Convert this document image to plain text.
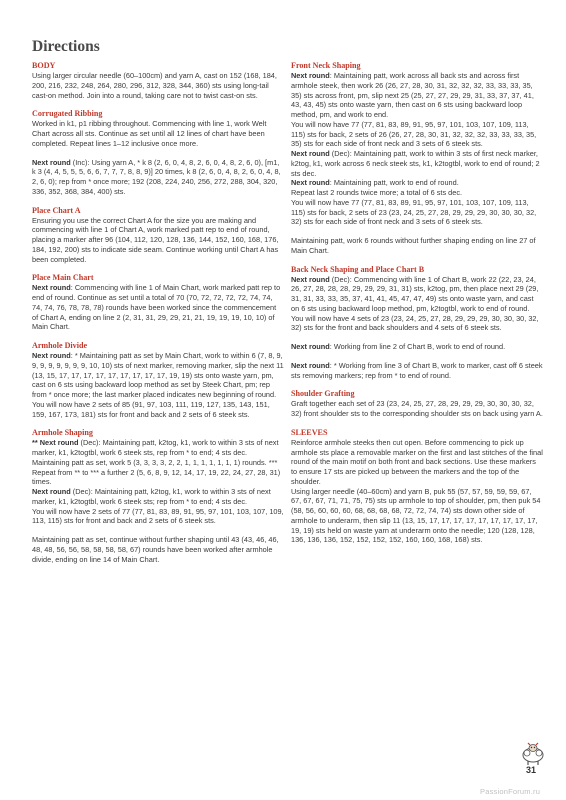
Directions
BODY

Using larger circular needle (60–100cm) and yarn A, cast on 152 (168, 184, 200, 216, 232, 248, 264, 280, 296, 312, 328, 344, 360) sts using long-tail cast-on method. Join into a round, taking care not to twist cast-on sts.

Corrugated Ribbing

Worked in k1, p1 ribbing throughout. Commencing with line 1, work Welt Chart across all sts. Continue as set until all 12 lines of chart have been completed. Repeat lines 1–12 inclusive once more.

Next round (Inc): Using yarn A, * k 8 (2, 6, 0, 4, 8, 2, 6, 0, 4, 8, 2, 6, 0), [m1, k 3 (4, 4, 5, 5, 5, 6, 6, 7, 7, 7, 8, 8, 9)] 20 times, k 8 (2, 6, 0, 4, 8, 2, 6, 0, 4, 8, 2, 6, 0); rep from * once more; 192 (208, 224, 240, 256, 272, 288, 304, 320, 336, 352, 368, 384, 400) sts.

Place Chart A

Ensuring you use the correct Chart A for the size you are making and commencing with line 1 of Chart A, work marked patt rep to end of round, placing a marker after 96 (104, 112, 120, 128, 136, 144, 152, 160, 168, 176, 184, 192, 200) sts to indicate side seam. Continue working until Chart A has been completed.

Place Main Chart

Next round: Commencing with line 1 of Main Chart, work marked patt rep to end of round. Continue as set until a total of 70 (70, 72, 72, 72, 72, 74, 74, 74, 74, 76, 78, 78, 78) rounds have been worked since the commencement of Chart A, ending on line 2 (2, 31, 31, 29, 29, 21, 21, 19, 19, 19, 10, 10) of Main Chart.

Armhole Divide

Next round: * Maintaining patt as set by Main Chart, work to within 6 (7, 8, 9, 9, 9, 9, 9, 9, 9, 9, 10, 10) sts of next marker, removing marker, slip the next 11 (13, 15, 17, 17, 17, 17, 17, 17, 17, 17, 17, 19, 19) sts onto waste yarn, pm, cast on 6 sts using backward loop method as set by Steek Chart, pm; rep from * once more; the last marker placed indicates new beginning of round.

You will now have 2 sets of 85 (91, 97, 103, 111, 119, 127, 135, 143, 151, 159, 167, 173, 181) sts for front and back and 2 sets of 6 steek sts.

Armhole Shaping

** Next round (Dec): Maintaining patt, k2tog, k1, work to within 3 sts of next marker, k1, k2togtbl, work 6 steek sts, rep from * to end; 4 sts dec.

Maintaining patt as set, work 5 (3, 3, 3, 3, 2, 2, 1, 1, 1, 1, 1, 1, 1) rounds. ***

Repeat from ** to *** a further 2 (5, 6, 8, 9, 12, 14, 17, 19, 22, 24, 27, 28, 31) times.

Next round (Dec): Maintaining patt, k2tog, k1, work to within 3 sts of next marker, k1, k2togtbl, work 6 steek sts; rep from * to end; 4 sts dec.

You will now have 2 sets of 77 (77, 81, 83, 89, 91, 95, 97, 101, 103, 107, 109, 113, 115) sts for front and back and 2 sets of 6 steek sts.

Maintaining patt as set, continue without further shaping until 43 (43, 46, 46, 48, 48, 56, 56, 58, 58, 58, 58, 67) rounds have been worked after armhole divide, ending on line 14 of Main Chart.

Front Neck Shaping

Next round: Maintaining patt, work across all back sts and across first armhole steek, then work 26 (26, 27, 28, 30, 31, 32, 32, 32, 33, 33, 33, 35, 35) sts across front, pm, slip next 25 (25, 27, 27, 29, 29, 31, 33, 37, 37, 41, 43, 43, 45) sts onto waste yarn, then cast on 6 sts using backward loop method, pm, and work to end.

You will now have 77 (77, 81, 83, 89, 91, 95, 97, 101, 103, 107, 109, 113, 115) sts for back, 2 sets of 26 (26, 27, 28, 30, 31, 32, 32, 32, 33, 33, 33, 35, 35) sts for each side of front neck and 3 sets of 6 steek sts.

Next round (Dec): Maintaining patt, work to within 3 sts of first neck marker, k2tog, k1, work across 6 neck steek sts, k1, k2togtbl, work to end of round; 2 sts dec.

Next round: Maintaining patt, work to end of round.

Repeat last 2 rounds twice more; a total of 6 sts dec.

You will now have 77 (77, 81, 83, 89, 91, 95, 97, 101, 103, 107, 109, 113, 115) sts for back, 2 sets of 23 (23, 24, 25, 27, 28, 29, 29, 29, 30, 30, 30, 32, 32) sts for each side of front neck and 3 sets of 6 steek sts.

Maintaining patt, work 6 rounds without further shaping ending on line 27 of Main Chart.

Back Neck Shaping and Place Chart B

Next round (Dec): Commencing with line 1 of Chart B, work 22 (22, 23, 24, 26, 27, 28, 28, 28, 29, 29, 29, 31, 31) sts, k2tog, pm, then place next 29 (29, 31, 31, 33, 33, 35, 37, 41, 41, 45, 47, 47, 49) sts onto waste yarn, and cast on 6 sts using backward loop method, pm, k2togtbl, work to end of round.

You will now have 4 sets of 23 (23, 24, 25, 27, 28, 29, 29, 29, 30, 30, 30, 32, 32) sts for the front and back shoulders and 4 sets of 6 steek sts.

Next round: Working from line 2 of Chart B, work to end of round.

Next round: * Working from line 3 of Chart B, work to marker, cast off 6 steek sts removing markers; rep from * to end of round.

Shoulder Grafting

Graft together each set of 23 (23, 24, 25, 27, 28, 29, 29, 29, 30, 30, 30, 32, 32) front shoulder sts to the corresponding shoulder sts on back using yarn A.

SLEEVES

Reinforce armhole steeks then cut open. Before commencing to pick up armhole sts place a removable marker on the first and last stitches of the final round of the main motif on both front and back sections. Use these markers to ensure 17 sts are picked up between the markers and the top of the shoulder.

Using larger needle (40–60cm) and yarn B, puk 55 (57, 57, 59, 59, 59, 67, 67, 67, 67, 71, 71, 75, 75) sts up armhole to top of shoulder, pm, then puk 54 (58, 56, 60, 60, 60, 68, 68, 68, 68, 72, 72, 74, 74) sts down other side of armhole to underarm, then slip 11 (13, 15, 17, 17, 17, 17, 17, 17, 17, 17, 17, 19, 19) sts held on waste yarn at underarm onto the needle; 120 (128, 128, 136, 136, 136, 152, 152, 152, 152, 160, 160, 168, 168) sts.

31
PassionForum.ru
